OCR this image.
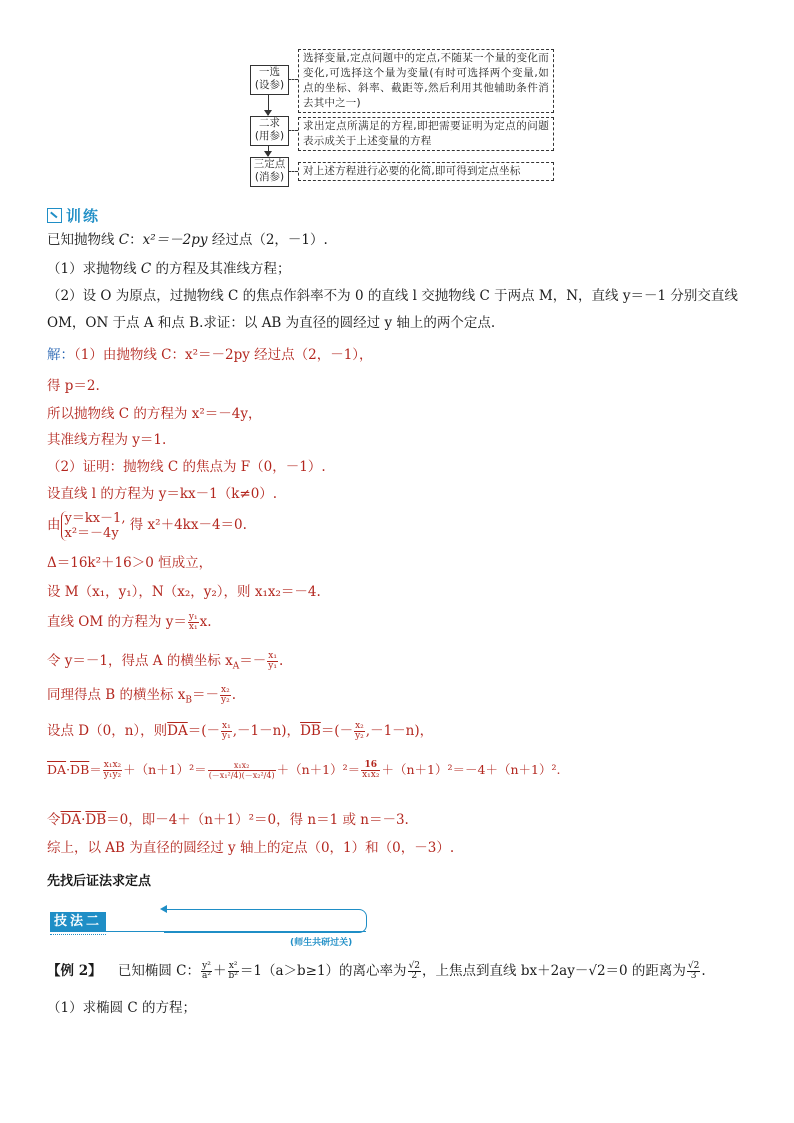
一选
(设参)
二求
(用参)
三定点
(消参)
选择变量,定点问题中的定点,不随某一个量的变化而变化,可选择这个量为变量(有时可选择两个变量,如点的坐标、斜率、截距等,然后利用其他辅助条件消去其中之一)
求出定点所满足的方程,即把需要证明为定点的问题表示成关于上述变量的方程
对上述方程进行必要的化简,即可得到定点坐标
训练
已知抛物线 C：x²＝－2py 经过点（2，－1）.
（1）求抛物线 C 的方程及其准线方程；
（2）设 O 为原点，过抛物线 C 的焦点作斜率不为 0 的直线 l 交抛物线 C 于两点 M，N，直线 y＝－1 分别交直线
OM，ON 于点 A 和点 B.求证：以 AB 为直径的圆经过 y 轴上的两个定点.
解：（1）由抛物线 C：x²＝－2py 经过点（2，－1），
得 p＝2.
所以抛物线 C 的方程为 x²＝－4y，
其准线方程为 y＝1.
（2）证明：抛物线 C 的焦点为 F（0，－1）.
设直线 l 的方程为 y＝kx－1（k≠0）.
由 y＝kx－1,
x²＝－4y 得 x²＋4kx－4＝0.
Δ＝16k²＋16＞0 恒成立，
设 M（x₁，y₁），N（x₂，y₂），则 x₁x₂＝－4.
直线 OM 的方程为 $y= \frac{\text{y₁}}{\text{x₁}} x$.
令 y＝－1，得点 A 的横坐标 $x_A=- \frac{\text{x₁}}{\text{y₁}}$ .
同理得点 B 的横坐标 $x_B=- \frac{\text{x₂}}{\text{y₂}}$ .
设点 D（0，n），则$\overline{DA}=(- \frac{\text{x₁}}{\text{y₁}} ,-1-n)$，$\overline{DB}=(- \frac{\text{x₂}}{\text{y₂}} ,-1-n)$，
$\overline{DA}\cdot\overline{DB}= \frac{\text{x₁x₂}}{\text{y₁y₂}} +(n+1)^2= \frac{\text{x₁x₂}}{\text{(－x₁²/4)(－x₂²/4)}} +(n+1)^2= \frac{16}{\text{x₁x₂}} +(n+1)^2=-4+(n+1)^2$.
令$\overline{DA}\cdot\overline{DB}=0$，即－4＋（n＋1）²＝0，得 n＝1 或 n＝－3.
综上，以 AB 为直径的圆经过 y 轴上的定点（0，1）和（0，－3）.
先找后证法求定点
技法二
(师生共研过关)
【例 2】 已知椭圆 C： $\frac{\text{y²}}{\text{a²}} + \frac{\text{x²}}{\text{b²}} =1(a>b\ge 1)$的离心率为 $\frac{√2}{2}$ ，上焦点到直线 bx＋2ay－√2＝0 的距离为 $\frac{√2}{3}$ .
（1）求椭圆 C 的方程；
